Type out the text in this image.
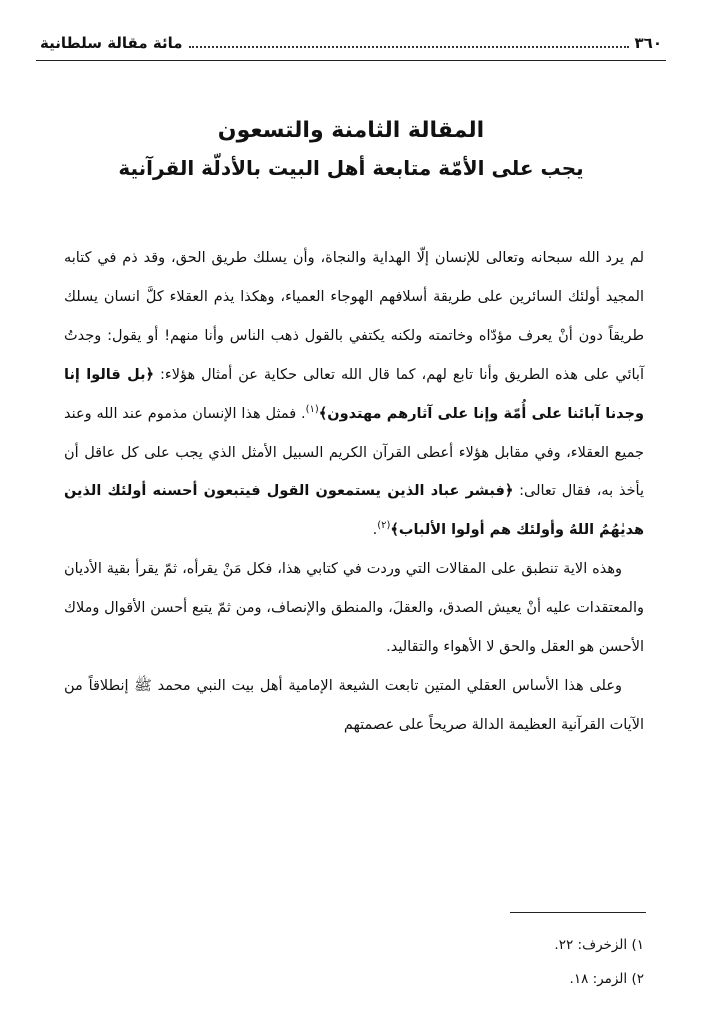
٣٦٠
مائة مقالة سلطانية

المقالة الثامنة والتسعون

يجب على الأمّة متابعة أهل البيت بالأدلّة القرآنية

لم يرد الله سبحانه وتعالى للإنسان إلّا الهداية والنجاة، وأن يسلك طريق الحق، وقد ذم في كتابه المجيد أولئك السائرين على طريقة أسلافهم الهوجاء العمياء، وهكذا يذم العقلاء كلَّ انسان يسلك طريقاً دون أنْ يعرف مؤدّاه وخاتمته ولكنه يكتفي بالقول ذهب الناس وأنا منهم! أو يقول: وجدتُ آبائي على هذه الطريق وأنا تابع لهم، كما قال الله تعالى حكاية عن أمثال هؤلاء: ﴿بل قالوا إنا وجدنا آبائنا على أُمّة وإنا على آثارهم مهتدون﴾$^{(١)}$. فمثل هذا الإنسان مذموم عند الله وعند جميع العقلاء، وفي مقابل هؤلاء أعطى القرآن الكريم السبيل الأمثل الذي يجب على كل عاقل أن يأخذ به، فقال تعالى: ﴿فبشر عباد الذين يستمعون القول فيتبعون أحسنه أولئك الذين هديٰهُمُ اللهُ وأولئك هم أولوا الألباب﴾$^{(٢)}$.

وهذه الاية تنطبق على المقالات التي وردت في كتابي هذا، فكل مَنْ يقرأه، ثمّ يقرأ بقية الأديان والمعتقدات عليه أنْ يعيش الصدق، والعقلَ، والمنطق والإنصاف، ومن ثمّ يتبع أحسن الأقوال وملاك الأحسن هو العقل والحق لا الأهواء والتقاليد.

وعلى هذا الأساس العقلي المتين تابعت الشيعة الإمامية أهل بيت النبي محمد ﷺ إنطلاقاً من الآيات القرآنية العظيمة الدالة صريحاً على عصمتهم

١) الزخرف: ٢٢.

٢) الزمر: ١٨.
